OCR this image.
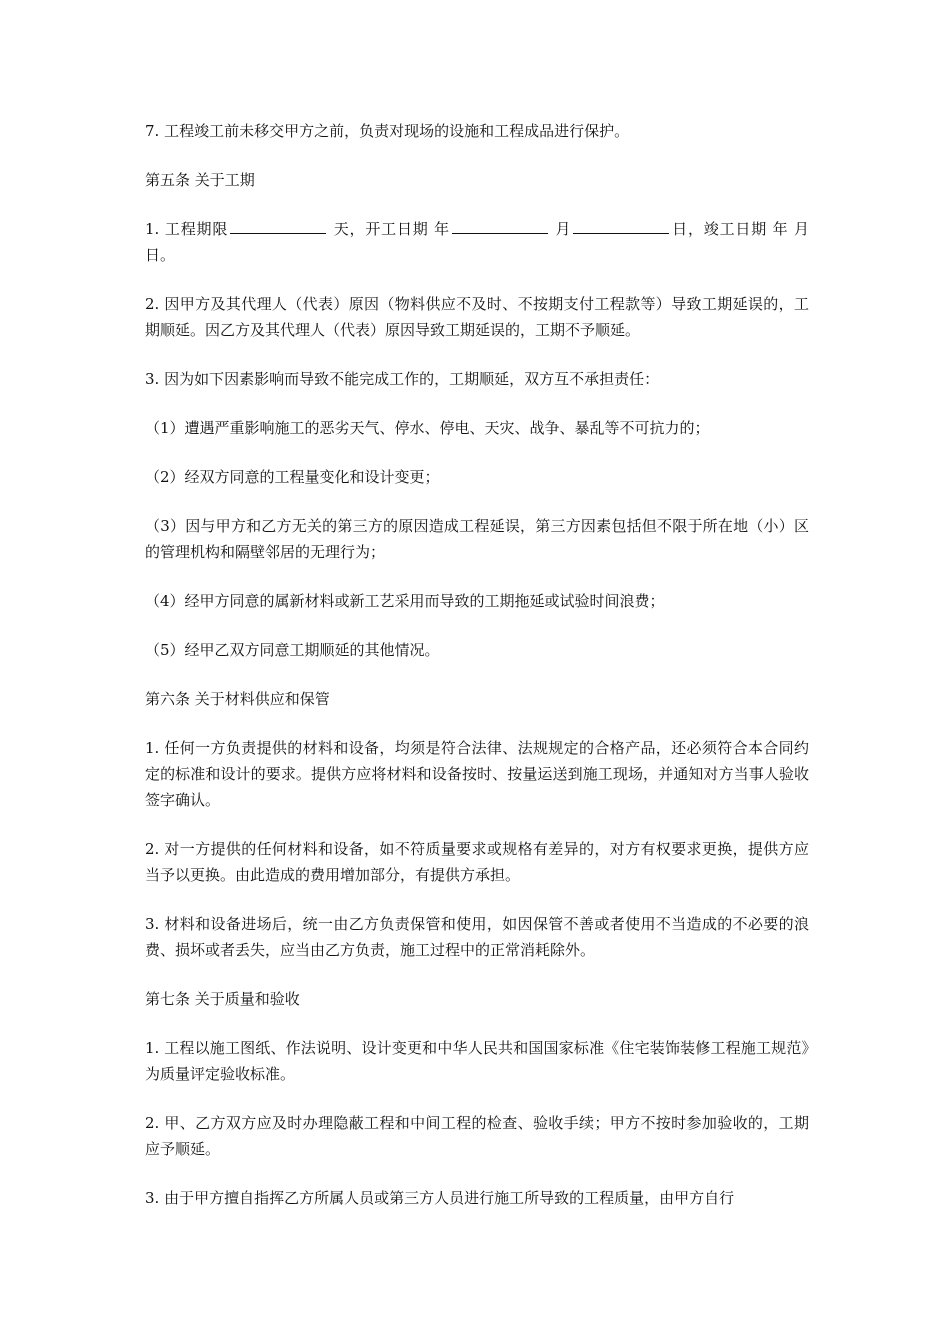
7. 工程竣工前未移交甲方之前，负责对现场的设施和工程成品进行保护。
第五条 关于工期
1. 工程期限	天，开工日期 年	月	日，竣工日期 年 月日。
2. 因甲方及其代理人（代表）原因（物料供应不及时、不按期支付工程款等）导致工期延误的，工期顺延。因乙方及其代理人（代表）原因导致工期延误的，工期不予顺延。
3. 因为如下因素影响而导致不能完成工作的，工期顺延，双方互不承担责任：
（1）遭遇严重影响施工的恶劣天气、停水、停电、天灾、战争、暴乱等不可抗力的；
（2）经双方同意的工程量变化和设计变更；
（3）因与甲方和乙方无关的第三方的原因造成工程延误，第三方因素包括但不限于所在地（小）区的管理机构和隔壁邻居的无理行为；
（4）经甲方同意的属新材料或新工艺采用而导致的工期拖延或试验时间浪费；
（5）经甲乙双方同意工期顺延的其他情况。
第六条 关于材料供应和保管
1. 任何一方负责提供的材料和设备，均须是符合法律、法规规定的合格产品，还必须符合本合同约定的标准和设计的要求。提供方应将材料和设备按时、按量运送到施工现场，并通知对方当事人验收签字确认。
2. 对一方提供的任何材料和设备，如不符质量要求或规格有差异的，对方有权要求更换，提供方应当予以更换。由此造成的费用增加部分，有提供方承担。
3. 材料和设备进场后，统一由乙方负责保管和使用，如因保管不善或者使用不当造成的不必要的浪费、损坏或者丢失，应当由乙方负责，施工过程中的正常消耗除外。
第七条 关于质量和验收
1. 工程以施工图纸、作法说明、设计变更和中华人民共和国国家标准《住宅装饰装修工程施工规范》为质量评定验收标准。
2. 甲、乙方双方应及时办理隐蔽工程和中间工程的检查、验收手续；甲方不按时参加验收的，工期应予顺延。
3. 由于甲方擅自指挥乙方所属人员或第三方人员进行施工所导致的工程质量，由甲方自行
